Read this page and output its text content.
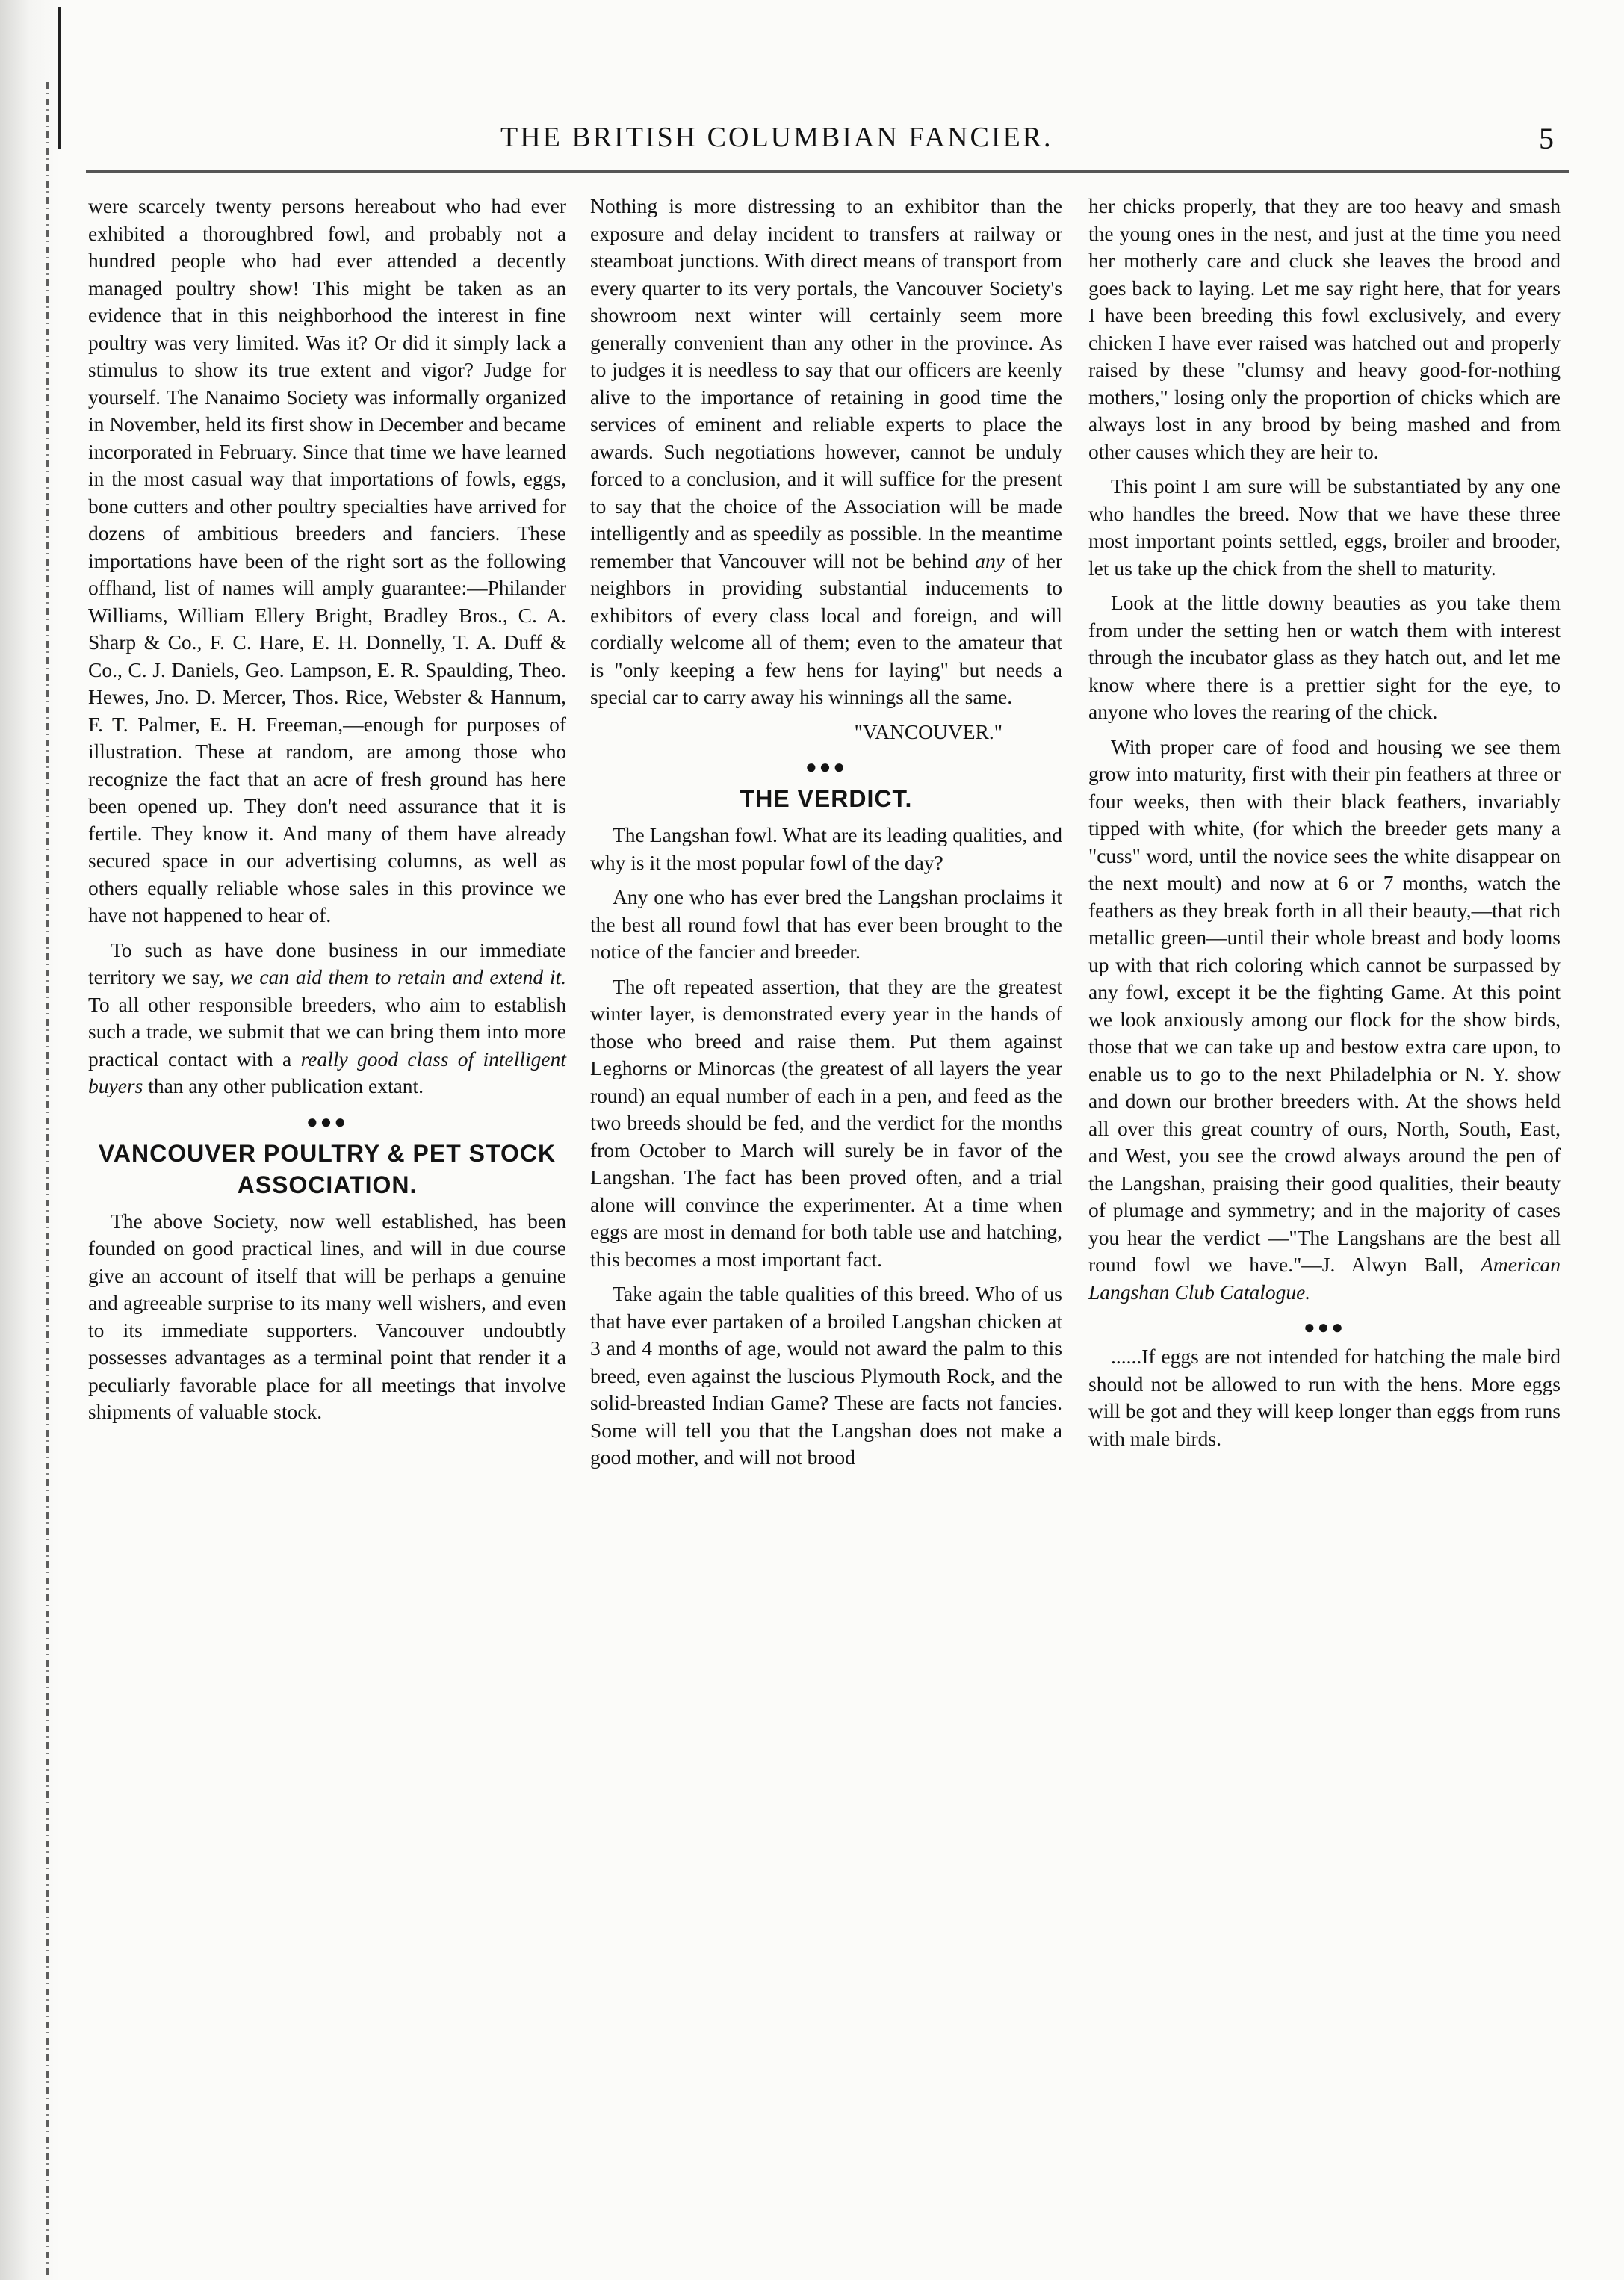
THE BRITISH COLUMBIAN FANCIER.	5

were scarcely twenty persons hereabout who had ever exhibited a thoroughbred fowl, and probably not a hundred people who had ever attended a decently managed poultry show! This might be taken as an evidence that in this neighborhood the interest in fine poultry was very limited. Was it? Or did it simply lack a stimulus to show its true extent and vigor? Judge for yourself. The Nanaimo Society was informally organized in November, held its first show in December and became incorporated in February. Since that time we have learned in the most casual way that importations of fowls, eggs, bone cutters and other poultry specialties have arrived for dozens of ambitious breeders and fanciers. These importations have been of the right sort as the following offhand, list of names will amply guarantee:—Philander Williams, William Ellery Bright, Bradley Bros., C. A. Sharp & Co., F. C. Hare, E. H. Donnelly, T. A. Duff & Co., C. J. Daniels, Geo. Lampson, E. R. Spaulding, Theo. Hewes, Jno. D. Mercer, Thos. Rice, Webster & Hannum, F. T. Palmer, E. H. Freeman,—enough for purposes of illustration. These at random, are among those who recognize the fact that an acre of fresh ground has here been opened up. They don't need assurance that it is fertile. They know it. And many of them have already secured space in our advertising columns, as well as others equally reliable whose sales in this province we have not happened to hear of.

To such as have done business in our immediate territory we say, we can aid them to retain and extend it. To all other responsible breeders, who aim to establish such a trade, we submit that we can bring them into more practical contact with a really good class of intelligent buyers than any other publication extant.

●●●
VANCOUVER POULTRY & PET STOCK ASSOCIATION.

The above Society, now well established, has been founded on good practical lines, and will in due course give an account of itself that will be perhaps a genuine and agreeable surprise to its many well wishers, and even to its immediate supporters. Vancouver undoubtly possesses advantages as a terminal point that render it a peculiarly favorable place for all meetings that involve shipments of valuable stock.

Nothing is more distressing to an exhibitor than the exposure and delay incident to transfers at railway or steamboat junctions. With direct means of transport from every quarter to its very portals, the Vancouver Society's showroom next winter will certainly seem more generally convenient than any other in the province. As to judges it is needless to say that our officers are keenly alive to the importance of retaining in good time the services of eminent and reliable experts to place the awards. Such negotiations however, cannot be unduly forced to a conclusion, and it will suffice for the present to say that the choice of the Association will be made intelligently and as speedily as possible. In the meantime remember that Vancouver will not be behind any of her neighbors in providing substantial inducements to exhibitors of every class local and foreign, and will cordially welcome all of them; even to the amateur that is "only keeping a few hens for laying" but needs a special car to carry away his winnings all the same.

"VANCOUVER."
●●●
THE VERDICT.

The Langshan fowl. What are its leading qualities, and why is it the most popular fowl of the day?

Any one who has ever bred the Langshan proclaims it the best all round fowl that has ever been brought to the notice of the fancier and breeder.

The oft repeated assertion, that they are the greatest winter layer, is demonstrated every year in the hands of those who breed and raise them. Put them against Leghorns or Minorcas (the greatest of all layers the year round) an equal number of each in a pen, and feed as the two breeds should be fed, and the verdict for the months from October to March will surely be in favor of the Langshan. The fact has been proved often, and a trial alone will convince the experimenter. At a time when eggs are most in demand for both table use and hatching, this becomes a most important fact.

Take again the table qualities of this breed. Who of us that have ever partaken of a broiled Langshan chicken at 3 and 4 months of age, would not award the palm to this breed, even against the luscious Plymouth Rock, and the solid-breasted Indian Game? These are facts not fancies. Some will tell you that the Langshan does not make a good mother, and will not brood

her chicks properly, that they are too heavy and smash the young ones in the nest, and just at the time you need her motherly care and cluck she leaves the brood and goes back to laying. Let me say right here, that for years I have been breeding this fowl exclusively, and every chicken I have ever raised was hatched out and properly raised by these "clumsy and heavy good-for-nothing mothers," losing only the proportion of chicks which are always lost in any brood by being mashed and from other causes which they are heir to.

This point I am sure will be substantiated by any one who handles the breed. Now that we have these three most important points settled, eggs, broiler and brooder, let us take up the chick from the shell to maturity.

Look at the little downy beauties as you take them from under the setting hen or watch them with interest through the incubator glass as they hatch out, and let me know where there is a prettier sight for the eye, to anyone who loves the rearing of the chick.

With proper care of food and housing we see them grow into maturity, first with their pin feathers at three or four weeks, then with their black feathers, invariably tipped with white, (for which the breeder gets many a "cuss" word, until the novice sees the white disappear on the next moult) and now at 6 or 7 months, watch the feathers as they break forth in all their beauty,—that rich metallic green—until their whole breast and body looms up with that rich coloring which cannot be surpassed by any fowl, except it be the fighting Game. At this point we look anxiously among our flock for the show birds, those that we can take up and bestow extra care upon, to enable us to go to the next Philadelphia or N. Y. show and down our brother breeders with. At the shows held all over this great country of ours, North, South, East, and West, you see the crowd always around the pen of the Langshan, praising their good qualities, their beauty of plumage and symmetry; and in the majority of cases you hear the verdict —"The Langshans are the best all round fowl we have."—J. Alwyn Ball, American Langshan Club Catalogue.

●●●

......If eggs are not intended for hatching the male bird should not be allowed to run with the hens. More eggs will be got and they will keep longer than eggs from runs with male birds.
